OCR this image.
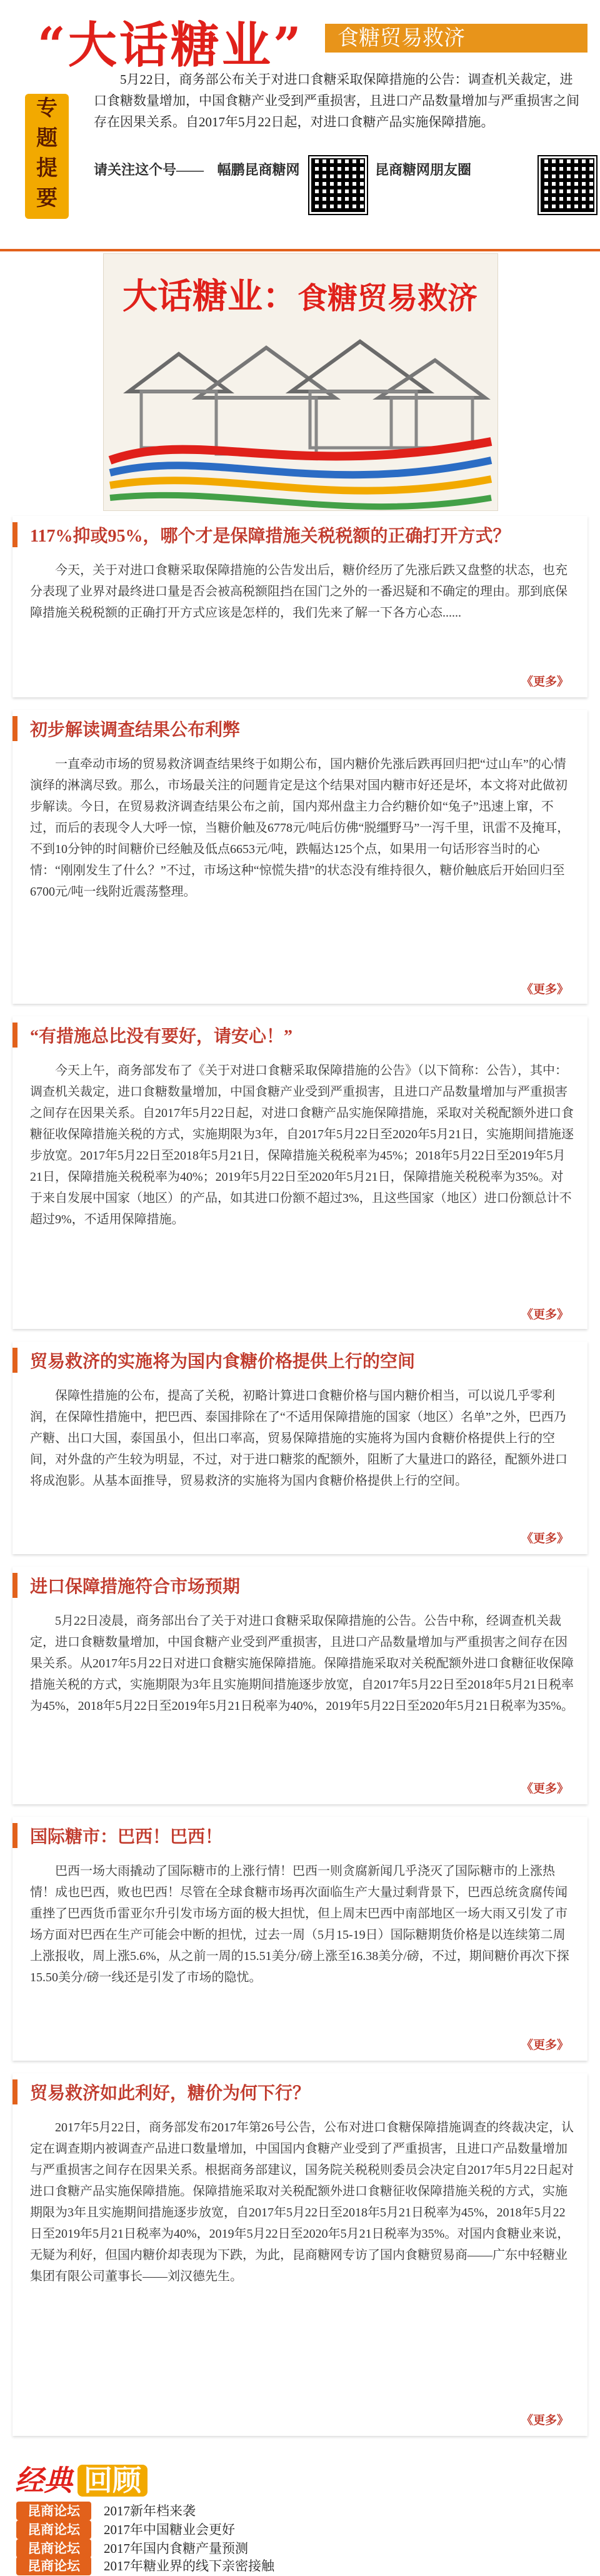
“大话糖业”	食糖贸易救济
专
题
提
要
5月22日，商务部公布关于对进口食糖采取保障措施的公告：调查机关裁定，进口食糖数量增加，中国食糖产业受到严重损害，且进口产品数量增加与严重损害之间存在因果关系。自2017年5月22日起，对进口食糖产品实施保障措施。
请关注这个号—— 幅鹏昆商糖网	昆商糖网朋友圈
大话糖业：食糖贸易救济
117%抑或95%，哪个才是保障措施关税税额的正确打开方式？
今天，关于对进口食糖采取保障措施的公告发出后，糖价经历了先涨后跌又盘整的状态，也充分表现了业界对最终进口量是否会被高税额阻挡在国门之外的一番迟疑和不确定的理由。那到底保障措施关税税额的正确打开方式应该是怎样的，我们先来了解一下各方心态......
《更多》
初步解读调查结果公布利弊
一直牵动市场的贸易救济调查结果终于如期公布，国内糖价先涨后跌再回归把“过山车”的心情演绎的淋漓尽致。那么，市场最关注的问题肯定是这个结果对国内糖市好还是坏，本文将对此做初步解读。今日，在贸易救济调查结果公布之前，国内郑州盘主力合约糖价如“兔子”迅速上窜，不过，而后的表现令人大呼一惊，当糖价触及6778元/吨后仿佛“脱缰野马”一泻千里，讯雷不及掩耳，不到10分钟的时间糖价已经触及低点6653元/吨，跌幅达125个点，如果用一句话形容当时的心情：“刚刚发生了什么？”不过，市场这种“惊慌失措”的状态没有维持很久，糖价触底后开始回归至6700元/吨一线附近震荡整理。
《更多》
“有措施总比没有要好，请安心！”
今天上午，商务部发布了《关于对进口食糖采取保障措施的公告》（以下简称：公告），其中：调查机关裁定，进口食糖数量增加，中国食糖产业受到严重损害，且进口产品数量增加与严重损害之间存在因果关系。自2017年5月22日起，对进口食糖产品实施保障措施，采取对关税配额外进口食糖征收保障措施关税的方式，实施期限为3年，自2017年5月22日至2020年5月21日，实施期间措施逐步放宽。2017年5月22日至2018年5月21日，保障措施关税税率为45%；2018年5月22日至2019年5月21日，保障措施关税税率为40%；2019年5月22日至2020年5月21日，保障措施关税税率为35%。对于来自发展中国家（地区）的产品，如其进口份额不超过3%，且这些国家（地区）进口份额总计不超过9%，不适用保障措施。
《更多》
贸易救济的实施将为国内食糖价格提供上行的空间
保障性措施的公布，提高了关税，初略计算进口食糖价格与国内糖价相当，可以说几乎零利润，在保障性措施中，把巴西、泰国排除在了“不适用保障措施的国家（地区）名单”之外，巴西乃产糖、出口大国，泰国虽小，但出口率高，贸易保障措施的实施将为国内食糖价格提供上行的空间，对外盘的产生较为明显，不过，对于进口糖浆的配额外，阻断了大量进口的路径，配额外进口将成泡影。从基本面推导，贸易救济的实施将为国内食糖价格提供上行的空间。
《更多》
进口保障措施符合市场预期
5月22日凌晨，商务部出台了关于对进口食糖采取保障措施的公告。公告中称，经调查机关裁定，进口食糖数量增加，中国食糖产业受到严重损害，且进口产品数量增加与严重损害之间存在因果关系。从2017年5月22日对进口食糖实施保障措施。保障措施采取对关税配额外进口食糖征收保障措施关税的方式，实施期限为3年且实施期间措施逐步放宽，自2017年5月22日至2018年5月21日税率为45%，2018年5月22日至2019年5月21日税率为40%，2019年5月22日至2020年5月21日税率为35%。
《更多》
国际糖市：巴西！巴西！
巴西一场大雨撬动了国际糖市的上涨行情！巴西一则贪腐新闻几乎浇灭了国际糖市的上涨热情！成也巴西，败也巴西！尽管在全球食糖市场再次面临生产大量过剩背景下，巴西总统贪腐传闻重挫了巴西货币雷亚尔升引发市场方面的极大担忧，但上周末巴西中南部地区一场大雨又引发了市场方面对巴西在生产可能会中断的担忧，过去一周（5月15-19日）国际糖期货价格是以连续第二周上涨报收，周上涨5.6%，从之前一周的15.51美分/磅上涨至16.38美分/磅，不过，期间糖价再次下探15.50美分/磅一线还是引发了市场的隐忧。
《更多》
贸易救济如此利好，糖价为何下行？
2017年5月22日，商务部发布2017年第26号公告，公布对进口食糖保障措施调查的终裁决定，认定在调查期内被调查产品进口数量增加，中国国内食糖产业受到了严重损害，且进口产品数量增加与严重损害之间存在因果关系。根据商务部建议，国务院关税税则委员会决定自2017年5月22日起对进口食糖产品实施保障措施。保障措施采取对关税配额外进口食糖征收保障措施关税的方式，实施期限为3年且实施期间措施逐步放宽，自2017年5月22日至2018年5月21日税率为45%，2018年5月22日至2019年5月21日税率为40%，2019年5月22日至2020年5月21日税率为35%。对国内食糖业来说，无疑为利好，但国内糖价却表现为下跌，为此，昆商糖网专访了国内食糖贸易商——广东中轻糖业集团有限公司董事长——刘汉德先生。
《更多》
经典 回顾
昆商论坛 2017新年档来袭
昆商论坛 2017年中国糖业会更好
昆商论坛 2017年国内食糖产量预测
昆商论坛 2017年糖业界的线下亲密接触
